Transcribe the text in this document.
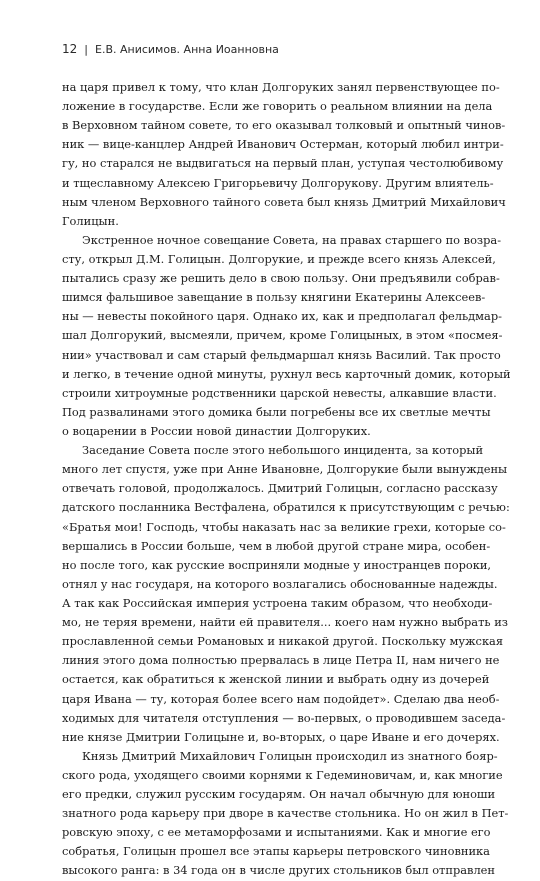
12 | Е.В. Анисимов. Анна Иоанновна
на царя привел к тому, что клан Долгоруких занял первенствующее по-
ложение в государстве. Если же говорить о реальном влиянии на дела
в Верховном тайном совете, то его оказывал толковый и опытный чинов-
ник — вице-канцлер Андрей Иванович Остерман, который любил интри-
гу, но старался не выдвигаться на первый план, уступая честолюбивому
и тщеславному Алексею Григорьевичу Долгорукову. Другим влиятель-
ным членом Верховного тайного совета был князь Дмитрий Михайлович
Голицын.
Экстренное ночное совещание Совета, на правах старшего по возра-
сту, открыл Д.М. Голицын. Долгорукие, и прежде всего князь Алексей,
пытались сразу же решить дело в свою пользу. Они предъявили собрав-
шимся фальшивое завещание в пользу княгини Екатерины Алексеев-
ны — невесты покойного царя. Однако их, как и предполагал фельдмар-
шал Долгорукий, высмеяли, причем, кроме Голицыных, в этом «посмея-
нии» участвовал и сам старый фельдмаршал князь Василий. Так просто
и легко, в течение одной минуты, рухнул весь карточный домик, который
строили хитроумные родственники царской невесты, алкавшие власти.
Под развалинами этого домика были погребены все их светлые мечты
о воцарении в России новой династии Долгоруких.
Заседание Совета после этого небольшого инцидента, за который
много лет спустя, уже при Анне Ивановне, Долгорукие были вынуждены
отвечать головой, продолжалось. Дмитрий Голицын, согласно рассказу
датского посланника Вестфалена, обратился к присутствующим с речью:
«Братья мои! Господь, чтобы наказать нас за великие грехи, которые со-
вершались в России больше, чем в любой другой стране мира, особен-
но после того, как русские восприняли модные у иностранцев пороки,
отнял у нас государя, на которого возлагались обоснованные надежды.
А так как Российская империя устроена таким образом, что необходи-
мо, не теряя времени, найти ей правителя... коего нам нужно выбрать из
прославленной семьи Романовых и никакой другой. Поскольку мужская
линия этого дома полностью прервалась в лице Петра II, нам ничего не
остается, как обратиться к женской линии и выбрать одну из дочерей
царя Ивана — ту, которая более всего нам подойдет». Сделаю два необ-
ходимых для читателя отступления — во-первых, о проводившем заседа-
ние князе Дмитрии Голицыне и, во-вторых, о царе Иване и его дочерях.
Князь Дмитрий Михайлович Голицын происходил из знатного бояр-
ского рода, уходящего своими корнями к Гедеминовичам, и, как многие
его предки, служил русским государям. Он начал обычную для юноши
знатного рода карьеру при дворе в качестве стольника. Но он жил в Пет-
ровскую эпоху, с ее метаморфозами и испытаниями. Как и многие его
собратья, Голицын прошел все этапы карьеры петровского чиновника
высокого ранга: в 34 года он в числе других стольников был отправлен
